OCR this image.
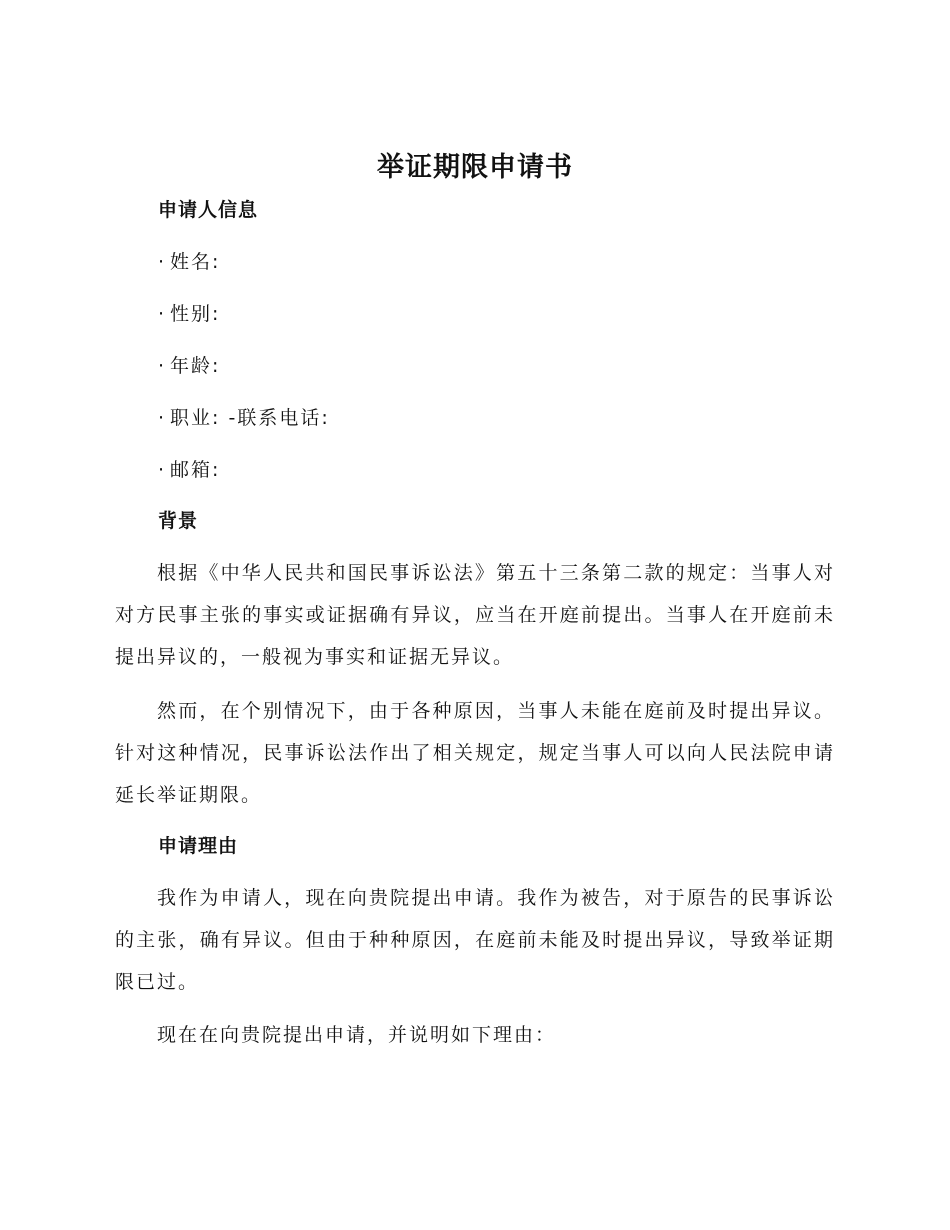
举证期限申请书
申请人信息
· 姓名:
· 性别:
· 年龄:
· 职业: -联系电话:
· 邮箱:
背景
根据《中华人民共和国民事诉讼法》第五十三条第二款的规定：当事人对对方民事主张的事实或证据确有异议，应当在开庭前提出。当事人在开庭前未提出异议的，一般视为事实和证据无异议。
然而，在个别情况下，由于各种原因，当事人未能在庭前及时提出异议。针对这种情况，民事诉讼法作出了相关规定，规定当事人可以向人民法院申请延长举证期限。
申请理由
我作为申请人，现在向贵院提出申请。我作为被告，对于原告的民事诉讼的主张，确有异议。但由于种种原因，在庭前未能及时提出异议，导致举证期限已过。
现在在向贵院提出申请，并说明如下理由：
